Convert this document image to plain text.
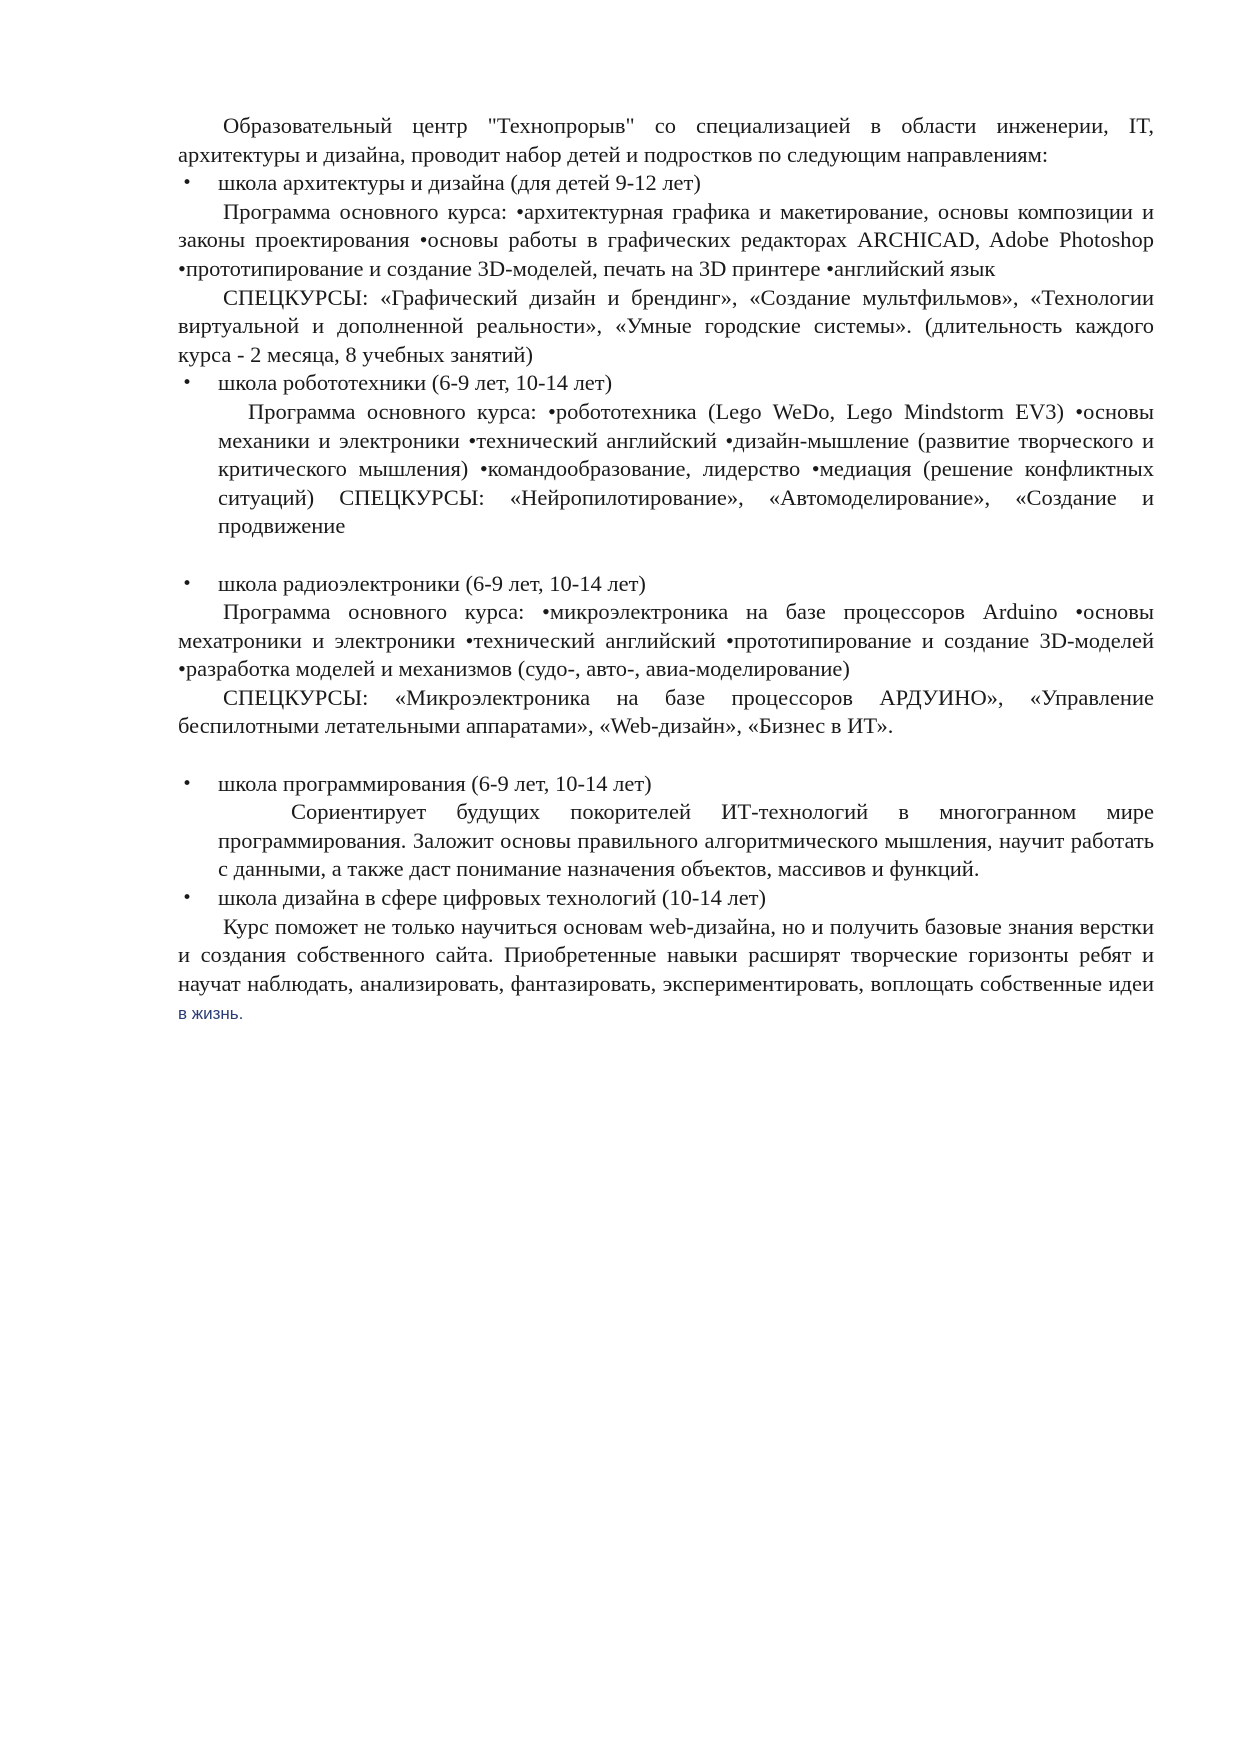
Образовательный центр "Технопрорыв" со специализацией в области инженерии, IT, архитектуры и дизайна, проводит набор детей и подростков по следующим направлениям:

•	школа архитектуры и дизайна (для детей 9-12 лет)

Программа основного курса: •архитектурная графика и макетирование, основы композиции и законы проектирования •основы работы в графических редакторах ARCHICAD, Adobe Photoshop •прототипирование и создание 3D-моделей, печать на 3D принтере •английский язык

СПЕЦКУРСЫ: «Графический дизайн и брендинг», «Создание мультфильмов», «Технологии виртуальной и дополненной реальности», «Умные городские системы». (длительность каждого курса - 2 месяца, 8 учебных занятий)

•	школа робототехники (6-9 лет, 10-14 лет)

Программа основного курса: •робототехника (Lego WeDo, Lego Mindstorm EV3) •основы механики и электроники •технический английский •дизайн-мышление (развитие творческого и критического мышления) •командообразование, лидерство •медиация (решение конфликтных ситуаций) СПЕЦКУРСЫ: «Нейропилотирование», «Автомоделирование», «Создание и продвижение

•	школа радиоэлектроники (6-9 лет, 10-14 лет)

Программа основного курса: •микроэлектроника на базе процессоров Arduino •основы мехатроники и электроники •технический английский •прототипирование и создание 3D-моделей •разработка моделей и механизмов (судо-, авто-, авиа-моделирование)

СПЕЦКУРСЫ: «Микроэлектроника на базе процессоров АРДУИНО», «Управление беспилотными летательными аппаратами», «Web-дизайн», «Бизнес в ИТ».

•	школа программирования (6-9 лет, 10-14 лет)

Сориентирует будущих покорителей ИТ-технологий в многогранном мире программирования. Заложит основы правильного алгоритмического мышления, научит работать с данными, а также даст понимание назначения объектов, массивов и функций.

•	школа дизайна в сфере цифровых технологий (10-14 лет)

Курс поможет не только научиться основам web-дизайна, но и получить базовые знания верстки и создания собственного сайта. Приобретенные навыки расширят творческие горизонты ребят и научат наблюдать, анализировать, фантазировать, экспериментировать, воплощать собственные идеи в жизнь.
